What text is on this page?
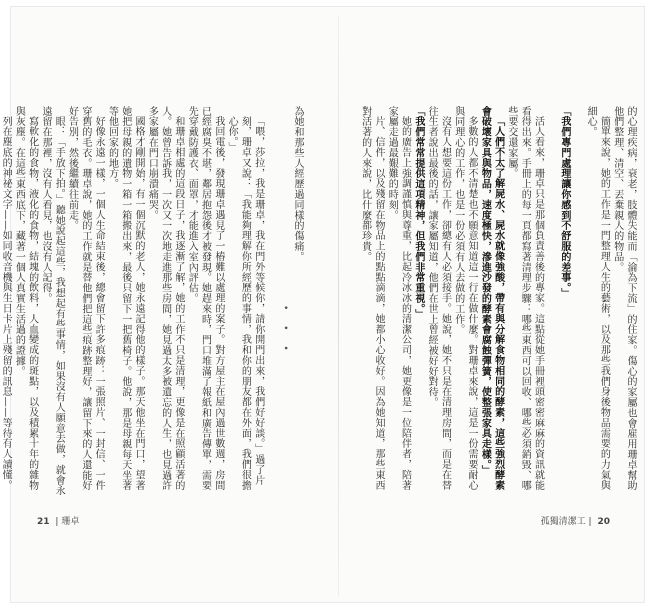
為她和那些人經歷過同樣的傷痛。
• • •
「喂，莎拉，我是珊卓，我在門外等候你，請你開門出來，我們好好談。」過了片刻，珊卓又說：「我能夠理解你所經歷的事情，我和你的朋友都在外面，我們很擔心你。」
我回電後，發現珊卓遇見了一樁難以處理的案子。對方屋主在屋內過世數週，房間已經腐臭不堪，鄰居抱怨後才被發現。她趕來時，門口堆滿了報紙和廣告傳單，需要先穿戴防護衣、面罩，才能進入室內評估。
和珊卓相處的這段日子，我逐漸了解，她的工作不只是清理，更像是在照顧活著的人。她曾告訴我，一次又一次地走進那些房間，她見過太多被遺忘的人生，也見過許多家屬在門口崩潰痛哭。
國格才剛開始，有一個沉默的老人，她永遠記得他的樣子。那天他坐在門口，望著她把母親的遺物一箱一箱搬出來，最後只留下一把舊椅子。他說，那是母親每天坐著等他回家的地方。
好像永遠一樣，一個人生命結束後，總會留下許多痕跡：一張照片、一封信、一件穿舊的毛衣。珊卓說，她的工作就是替他們把這些痕跡整理好，讓留下來的人還能好好告別，然後繼續往前走。
眼：「手放下拍。」聽她說起這些，我想起有些事情，如果沒有人願意去做，就會永遠留在那裡，沒有人看見，也沒有人記得。
寫軟化的食物，液化的食物，結塊的飲料，人血變成的斑點，以及積累十年的雜物與灰塵。在這些東西底下，藏著一個人真實生活過的證據。
列在塵底的神祕文字——如同收音機與生日卡片上殘留的訊息——等待有人讀懂。
21 | 珊卓
的心理疾病，衰老，肢體失能而「淪為下流」的住家。傷心的家屬也會雇用珊卓幫助他們整理、清空、丟棄親人的物品。
簡單來說，她的工作是一門整理人生的藝術，以及那些我們身後物品需要的力氣與細心。
「我們專門處理讓你感到不舒服的差事。」
活人看來，珊卓只是那個負責善後的專家。這點從她手冊裡頭密密麻麻的資訊就能看得出來。手冊上的每一頁都寫著清理步驟：哪些東西可以回收、哪些必須銷毀、哪些要交還家屬。
「人們不太了解屍水、屍水就像強酸，帶有與分解食物相同的酵素，這些強烈酵素會破壞家具與物品，速度極快，滲進沙發的酵素會腐蝕彈簧，使整張家具走樣。」
多數的人都不清楚也不願意知道這一行在做什麼。對珊卓來說，這是一份需要耐心與同理心的工作，也是一份必須有人去做的工作。
沒有人想要這份工作，卻總有人必須接手。她說，她不只是在清理房間，而是在替往生者說出最後的話，讓家屬知道，他們在世上曾經被好好對待。
「我們常常提供這項精神，但我們非常重視。」
她的廣告上強調謹慎與尊重，比起冷冰冰的清潔公司，她更像是一位陪伴者，陪著家屬走過最艱難的時刻。
片、信件，以及殘留在物品上的點點滴滴，她都小心收好。因為她知道，那些東西對活著的人來說，比什麼都珍貴。
孤獨清潔工 | 20
